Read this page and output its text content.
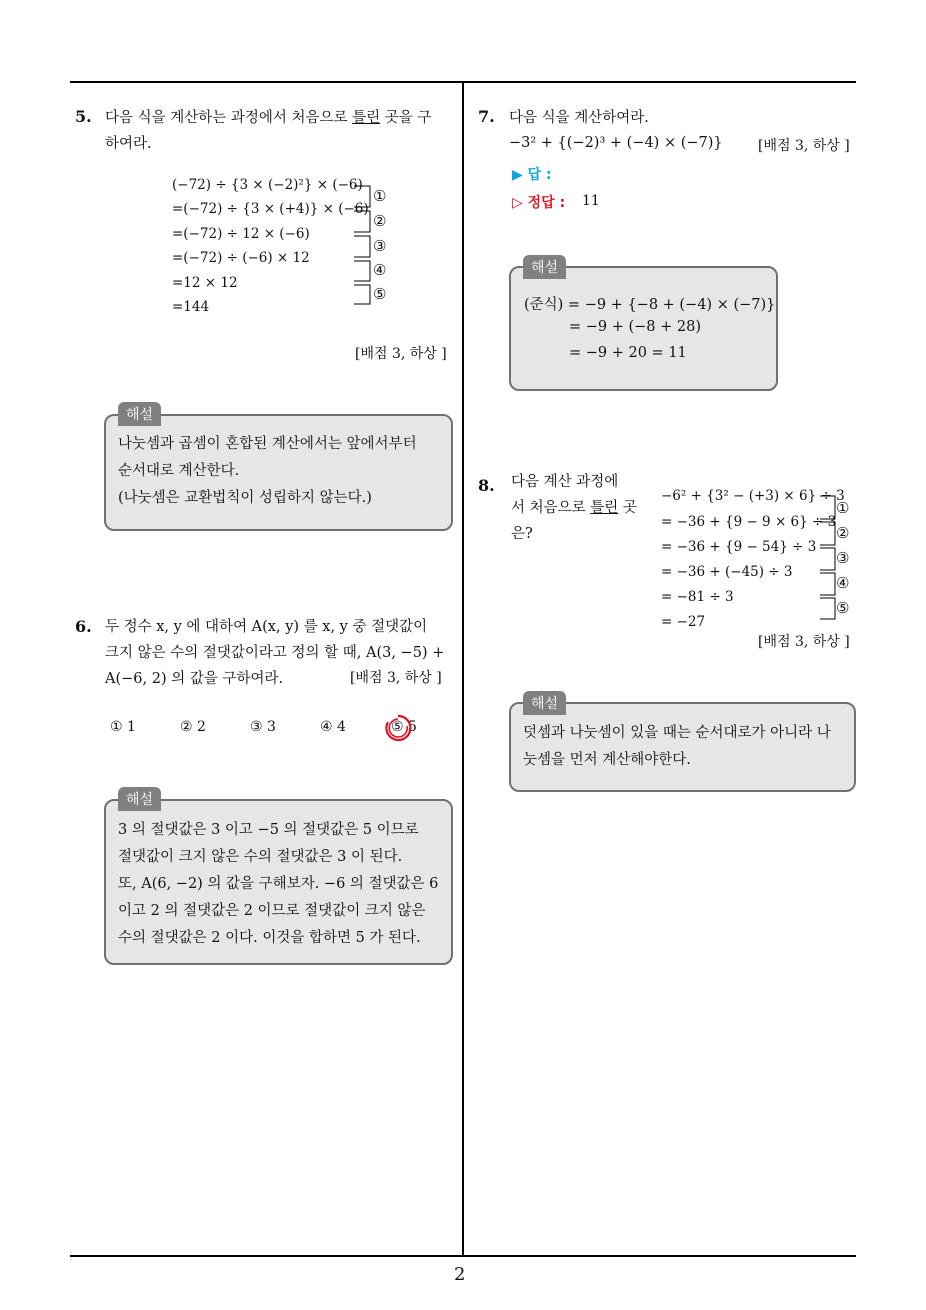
2
5. 다음 식을 계산하는 과정에서 처음으로 틀린 곳을 구
하여라.
(−72) ÷ {3 × (−2)²} × (−6)
=(−72) ÷ {3 × (+4)} × (−6)
=(−72) ÷ 12 × (−6)
=(−72) ÷ (−6) × 12
=12 × 12
=144
①
②
③
④
⑤
[배점 3, 하상 ]
해설
나눗셈과 곱셈이 혼합된 계산에서는 앞에서부터
순서대로 계산한다.
(나눗셈은 교환법칙이 성립하지 않는다.)
6. 두 정수 x, y 에 대하여 A(x, y) 를 x, y 중 절댓값이
크지 않은 수의 절댓값이라고 정의 할 때, A(3, −5) +
A(−6, 2) 의 값을 구하여라.	[배점 3, 하상 ]
① 1	② 2	③ 3	④ 4	⑤ 5
해설
3 의 절댓값은 3 이고 −5 의 절댓값은 5 이므로
절댓값이 크지 않은 수의 절댓값은 3 이 된다.
또, A(6, −2) 의 값을 구해보자. −6 의 절댓값은 6
이고 2 의 절댓값은 2 이므로 절댓값이 크지 않은
수의 절댓값은 2 이다. 이것을 합하면 5 가 된다.
7. 다음 식을 계산하여라.
−3² + {(−2)³ + (−4) × (−7)}	[배점 3, 하상 ]
▶ 답 :
▷ 정답 : 11
해설
(준식) = −9 + {−8 + (−4) × (−7)}
= −9 + (−8 + 28)
= −9 + 20 = 11
8. 다음 계산 과정에
서 처음으로 틀린 곳
은?
−6² + {3² − (+3) × 6} ÷ 3
= −36 + {9 − 9 × 6} ÷ 3
= −36 + {9 − 54} ÷ 3
= −36 + (−45) ÷ 3
= −81 ÷ 3
= −27
①
②
③
④
⑤
[배점 3, 하상 ]
해설
덧셈과 나눗셈이 있을 때는 순서대로가 아니라 나
눗셈을 먼저 계산해야한다.
